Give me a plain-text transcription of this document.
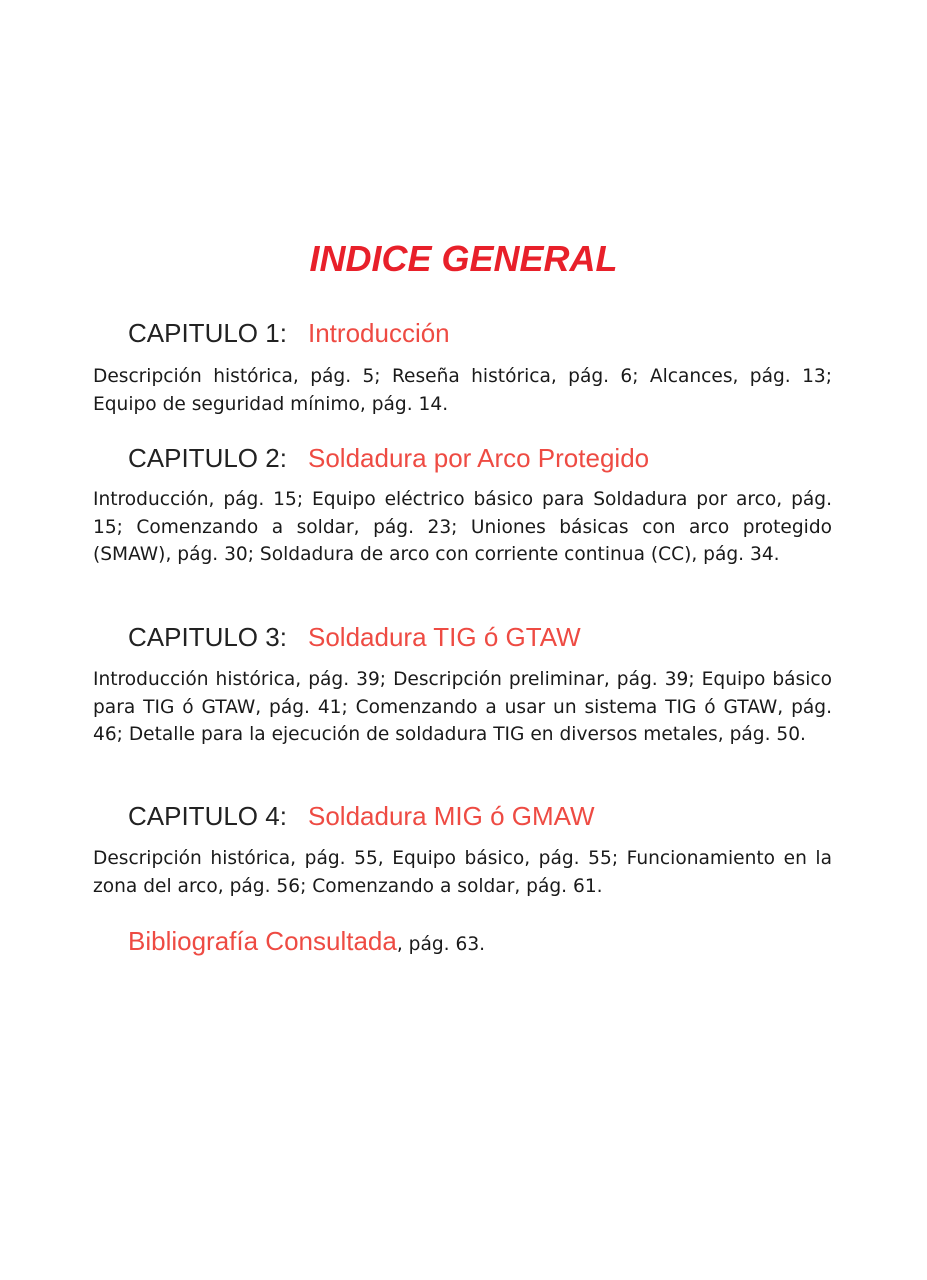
INDICE GENERAL
CAPITULO 1: Introducción

Descripción histórica, pág. 5; Reseña histórica, pág. 6; Alcances, pág. 13; Equipo de seguridad mínimo, pág. 14.

CAPITULO 2: Soldadura por Arco Protegido

Introducción, pág. 15; Equipo eléctrico básico para Soldadura por arco, pág. 15; Comenzando a soldar, pág. 23; Uniones básicas con arco protegido (SMAW), pág. 30; Soldadura de arco con corriente continua (CC), pág. 34.

CAPITULO 3: Soldadura TIG ó GTAW

Introducción histórica, pág. 39; Descripción preliminar, pág. 39; Equipo básico para TIG ó GTAW, pág. 41; Comenzando a usar un sistema TIG ó GTAW, pág. 46; Detalle para la ejecución de soldadura TIG en diversos metales, pág. 50.

CAPITULO 4: Soldadura MIG ó GMAW

Descripción histórica, pág. 55, Equipo básico, pág. 55; Funcionamiento en la zona del arco, pág. 56; Comenzando a soldar, pág. 61.

Bibliografía Consultada, pág. 63.
